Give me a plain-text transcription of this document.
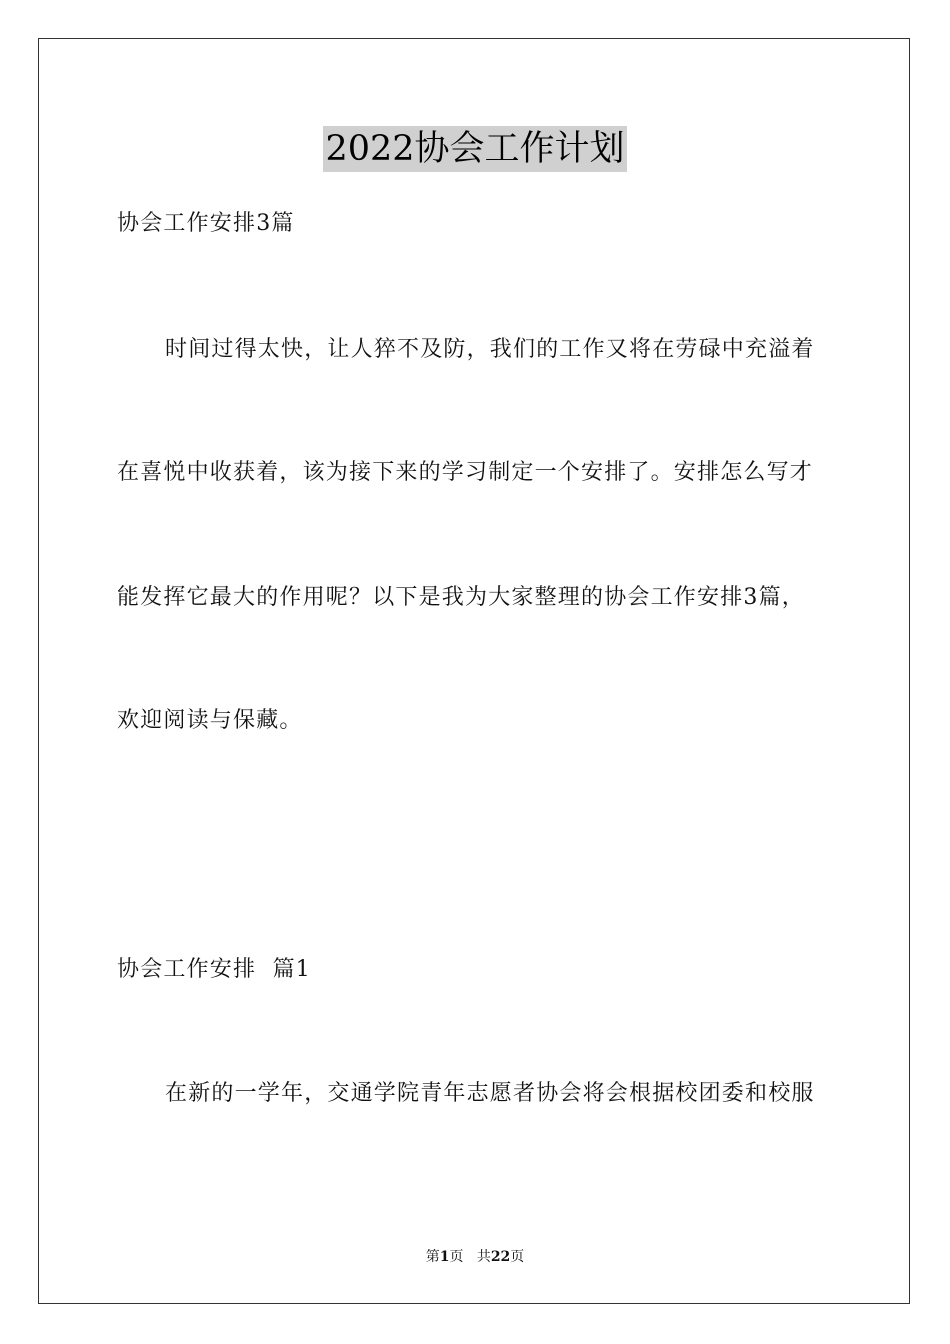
2022协会工作计划
协会工作安排3篇
时间过得太快，让人猝不及防，我们的工作又将在劳碌中充溢着
在喜悦中收获着，该为接下来的学习制定一个安排了。安排怎么写才
能发挥它最大的作用呢？以下是我为大家整理的协会工作安排3篇，
欢迎阅读与保藏。
协会工作安排  篇1
在新的一学年，交通学院青年志愿者协会将会根据校团委和校服
第1页 共22页
